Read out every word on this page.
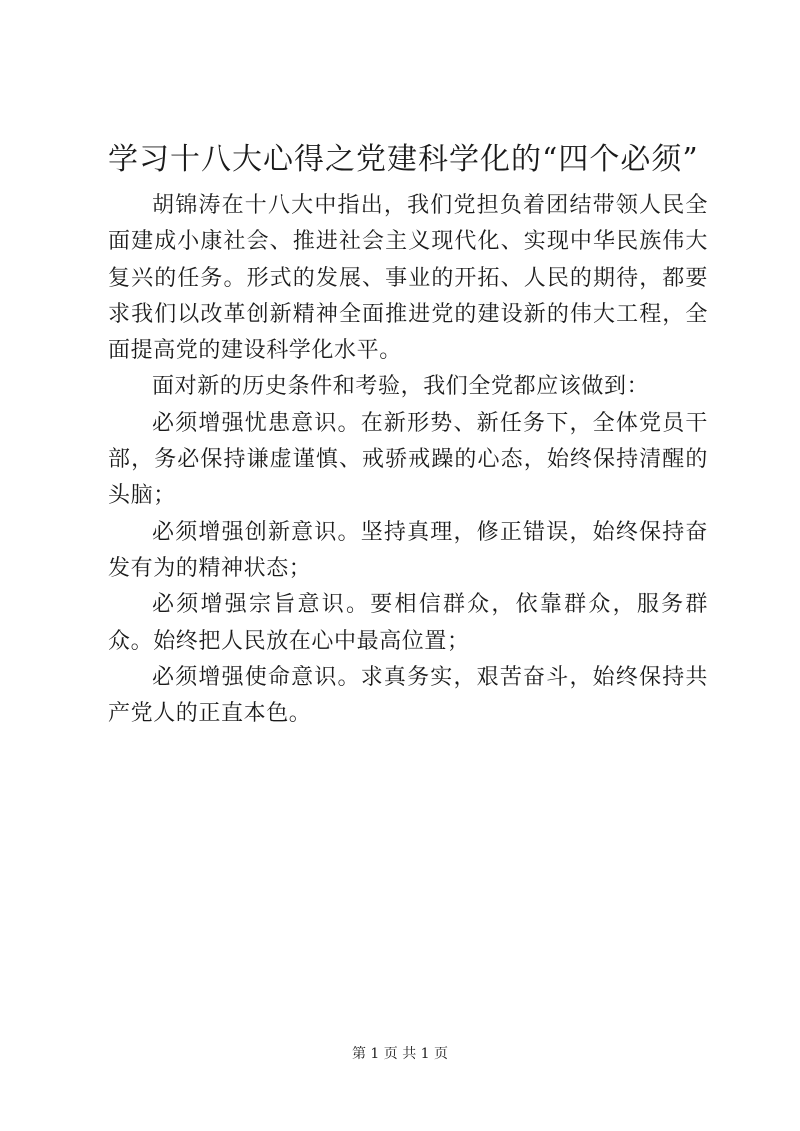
学习十八大心得之党建科学化的“四个必须”

胡锦涛在十八大中指出，我们党担负着团结带领人民全面建成小康社会、推进社会主义现代化、实现中华民族伟大复兴的任务。形式的发展、事业的开拓、人民的期待，都要求我们以改革创新精神全面推进党的建设新的伟大工程，全面提高党的建设科学化水平。

面对新的历史条件和考验，我们全党都应该做到：

必须增强忧患意识。在新形势、新任务下，全体党员干部，务必保持谦虚谨慎、戒骄戒躁的心态，始终保持清醒的头脑；

必须增强创新意识。坚持真理，修正错误，始终保持奋发有为的精神状态；

必须增强宗旨意识。要相信群众，依靠群众，服务群众。始终把人民放在心中最高位置；

必须增强使命意识。求真务实，艰苦奋斗，始终保持共产党人的正直本色。

第 1 页 共 1 页
